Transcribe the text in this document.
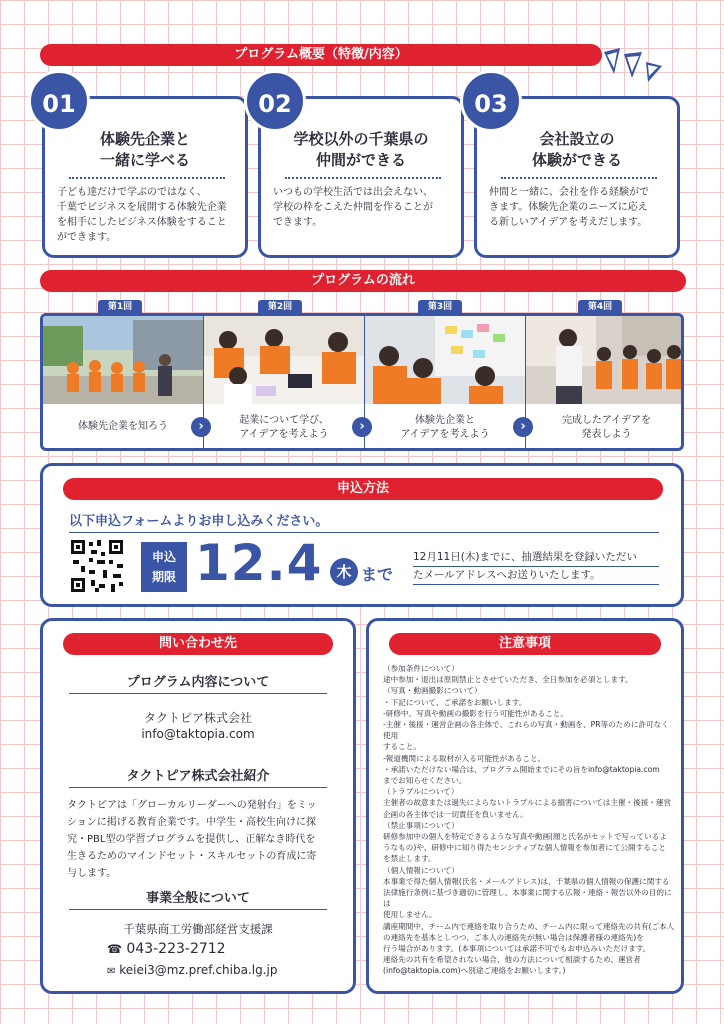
プログラム概要（特徴/内容）
体験先企業と
一緒に学べる
子ども達だけで学ぶのではなく、
千葉でビジネスを展開する体験先企業
を相手にしたビジネス体験をすること
ができます。
01
学校以外の千葉県の
仲間ができる
いつもの学校生活では出会えない、
学校の枠をこえた仲間を作ることが
できます。
02
会社設立の
体験ができる
仲間と一緒に、会社を作る経験がで
きます。体験先企業のニーズに応え
る新しいアイデアを考えだします。
03
プログラムの流れ
第1回	第2回	第3回	第4回
体験先企業を知ろう
起業について学び、
アイデアを考えよう
体験先企業と
アイデアを考えよう
完成したアイデアを
発表しよう
›	›	›
申込方法
以下申込フォームよりお申し込みください。
申込
期限 12.4 木 まで
12月11日(木)までに、抽選結果を登録いただい
たメールアドレスへお送りいたします。
問い合わせ先
プログラム内容について
タクトピア株式会社
info@taktopia.com
タクトピア株式会社紹介
タクトピアは「グローカルリーダーへの発射台」をミッ
ションに掲げる教育企業です。中学生・高校生向けに探
究・PBL型の学習プログラムを提供し、正解なき時代を
生きるためのマインドセット・スキルセットの育成に寄
与します。
事業全般について
千葉県商工労働部経営支援課
☎ 043-223-2712
✉ keiei3@mz.pref.chiba.lg.jp
注意事項
（参加条件について）
途中参加・退出は原則禁止とさせていただき、全日参加を必須とします。
（写真・動画撮影について）
・下記について、ご承諾をお願いします。
-研修中、写真や動画の撮影を行う可能性があること。
-主催・後援・運営企画の各主体で、これらの写真・動画を、PR等のために許可なく使用
すること。
-報道機関による取材が入る可能性があること。
・承諾いただけない場合は、プログラム開始までにその旨をinfo@taktopia.com
までお知らせください。
（トラブルについて）
主催者の故意または過失によらないトラブルによる損害については主催・後援・運営
企画の各主体では一切責任を負いません。
（禁止事項について）
研修参加中の個人を特定できるような写真や動画(顔と氏名がセットで写っているよ
うなもの)や、研修中に知り得たセンシティブな個人情報を参加者にて公開すること
を禁止します。
（個人情報について）
本事業で得た個人情報(氏名・メールアドレス)は、千葉県の個人情報の保護に関する
法律施行条例に基づき適切に管理し、本事業に関する広報・連絡・報告以外の目的には
使用しません。
講座期間中、チーム内で連絡を取り合うため、チーム内に限って連絡先の共有(ご本人
の連絡先を基本としつつ、ご本人の連絡先が無い場合は保護者様の連絡先)を
行う場合があります。(本事項については承諾不可でもお申込みいただけます。
連絡先の共有を希望されない場合、他の方法について相談するため、運営者
(info@taktopia.com)へ別途ご連絡をお願いします。)
